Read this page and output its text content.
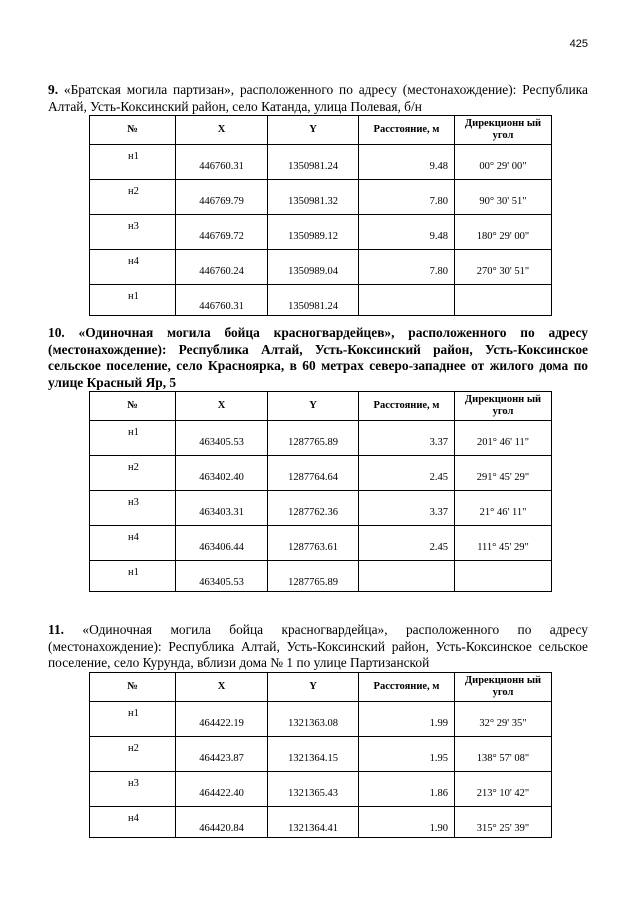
425

9. «Братская могила партизан», расположенного по адресу (местонахождение): Республика Алтай, Усть-Коксинский район, село Катанда, улица Полевая, б/н

№	X	Y	Расстояние, м	Дирекционн ый угол

н1	446760.31	1350981.24	9.48	00° 29' 00"

н2	446769.79	1350981.32	7.80	90° 30' 51"

н3	446769.72	1350989.12	9.48	180° 29' 00"

н4	446760.24	1350989.04	7.80	270° 30' 51"

н1	446760.31	1350981.24		

10. «Одиночная могила бойца красногвардейцев», расположенного по адресу (местонахождение): Республика Алтай, Усть-Коксинский район, Усть-Коксинское сельское поселение, село Красноярка, в 60 метрах северо-западнее от жилого дома по улице Красный Яр, 5

№	X	Y	Расстояние, м	Дирекционн ый угол

н1	463405.53	1287765.89	3.37	201° 46' 11"

н2	463402.40	1287764.64	2.45	291° 45' 29"

н3	463403.31	1287762.36	3.37	21° 46' 11"

н4	463406.44	1287763.61	2.45	111° 45' 29"

н1	463405.53	1287765.89		

11. «Одиночная могила бойца красногвардейца», расположенного по адресу (местонахождение): Республика Алтай, Усть-Коксинский район, Усть-Коксинское сельское поселение, село Курунда, вблизи дома № 1 по улице Партизанской

№	X	Y	Расстояние, м	Дирекционн ый угол

н1	464422.19	1321363.08	1.99	32° 29' 35"

н2	464423.87	1321364.15	1.95	138° 57' 08"

н3	464422.40	1321365.43	1.86	213° 10' 42"

н4	464420.84	1321364.41	1.90	315° 25' 39"
